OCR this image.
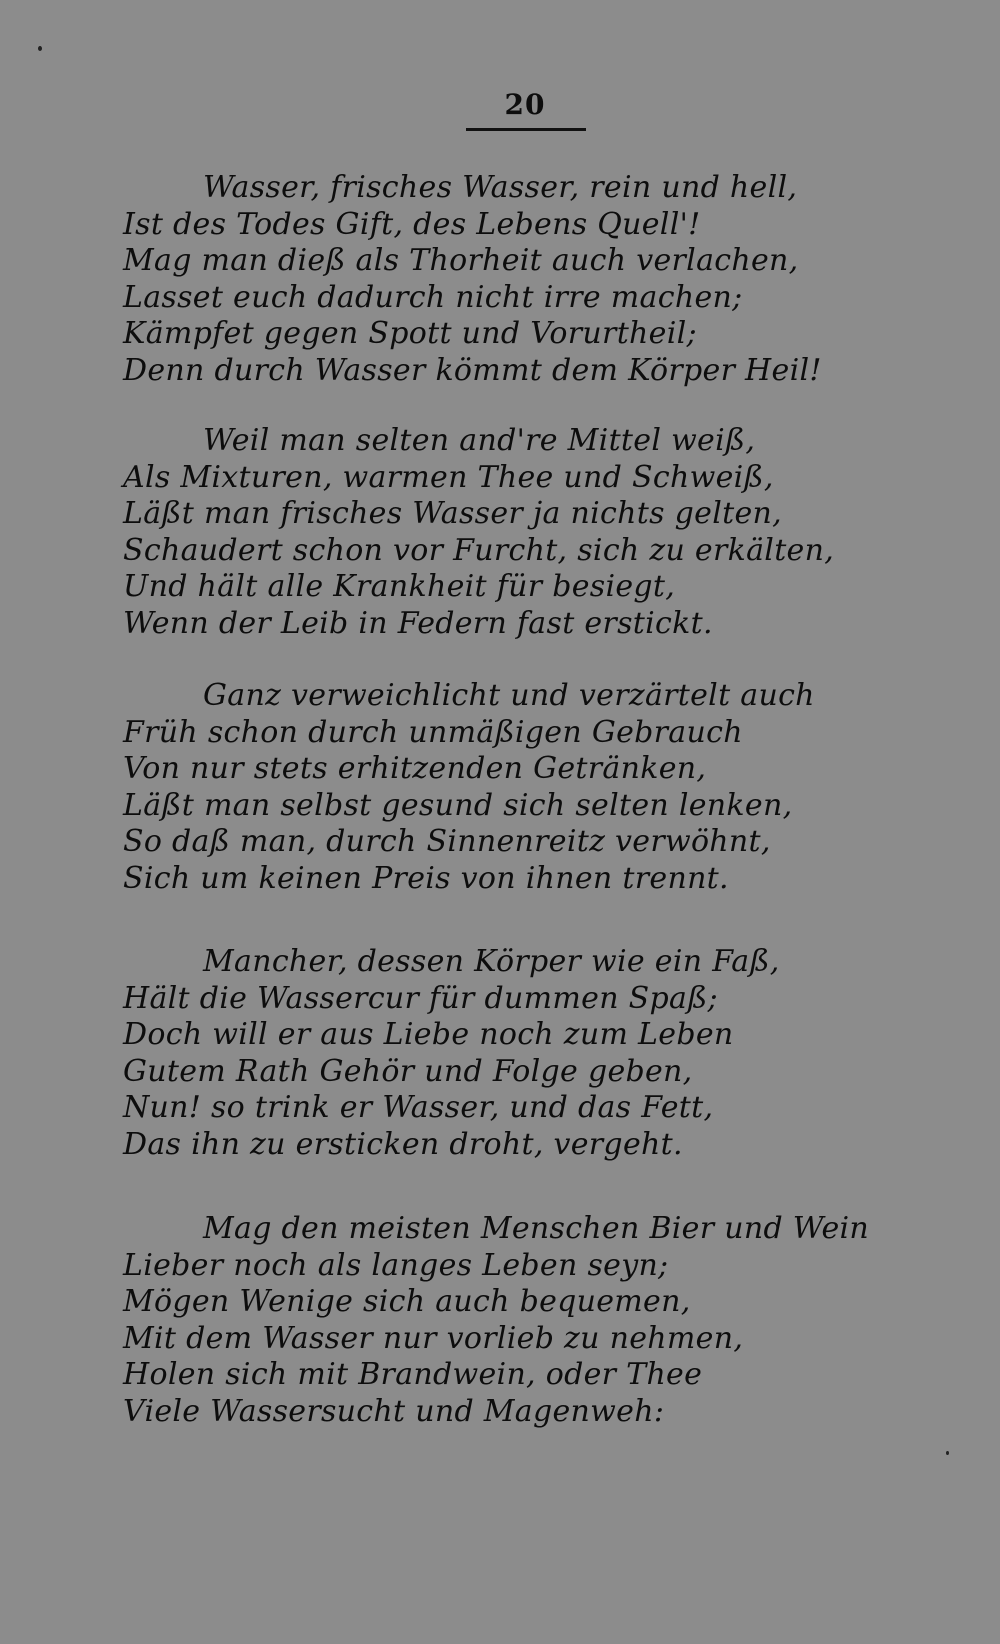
20
Wasser, frisches Wasser, rein und hell,
Ist des Todes Gift, des Lebens Quell'!
Mag man dieß als Thorheit auch verlachen,
Lasset euch dadurch nicht irre machen;
Kämpfet gegen Spott und Vorurtheil;
Denn durch Wasser kömmt dem Körper Heil!
Weil man selten and're Mittel weiß,
Als Mixturen, warmen Thee und Schweiß,
Läßt man frisches Wasser ja nichts gelten,
Schaudert schon vor Furcht, sich zu erkälten,
Und hält alle Krankheit für besiegt,
Wenn der Leib in Federn fast erstickt.
Ganz verweichlicht und verzärtelt auch
Früh schon durch unmäßigen Gebrauch
Von nur stets erhitzenden Getränken,
Läßt man selbst gesund sich selten lenken,
So daß man, durch Sinnenreitz verwöhnt,
Sich um keinen Preis von ihnen trennt.
Mancher, dessen Körper wie ein Faß,
Hält die Wassercur für dummen Spaß;
Doch will er aus Liebe noch zum Leben
Gutem Rath Gehör und Folge geben,
Nun! so trink er Wasser, und das Fett,
Das ihn zu ersticken droht, vergeht.
Mag den meisten Menschen Bier und Wein
Lieber noch als langes Leben seyn;
Mögen Wenige sich auch bequemen,
Mit dem Wasser nur vorlieb zu nehmen,
Holen sich mit Brandwein, oder Thee
Viele Wassersucht und Magenweh:
